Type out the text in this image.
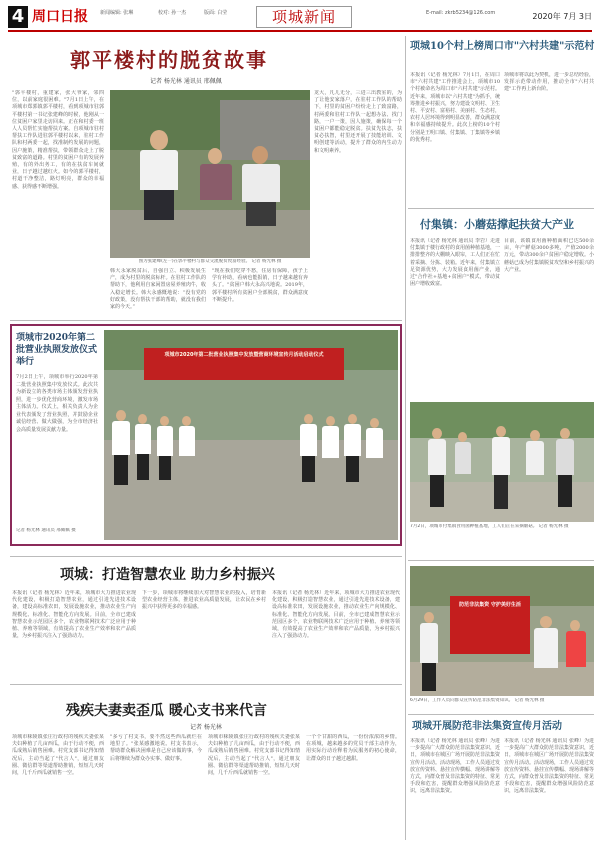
4 周口日报 新闻编辑: 张琳	校对: 孙一杰	版面: 白莹	项城新闻	E-mail: zkrb5234@126.com	2020年 7月 3日
郭平楼村的脱贫故事
记者 杨光林 通讯员 邢佩佩
"郭平楼村，重建家，张大爷家，邻四位，以前家庭很困难。"7月1日上午，在项城市郑郭镇郭平楼村，看到项城市驻郭平楼村第一书记张建峰的时候，他刚从一位贫困户家里走访回来。正在和村委一班人人员帮忙实施帮扶方案。自项城市驻村帮扶工作队进驻郭平楼村以来，驻村工作队和村两委一起，找准制约发展的问题，因户施策，精准帮扶，带领群众走上了脱贫致富的道路。村里的贫困户有的发展养殖，有的外出务工，有的在扶贫车间就业，日子越过越红火。如今的郭平楼村，村道干净整洁，路灯明亮，群众的幸福感、获得感不断增强。
韩大永家脱贫后，自强自立、积极发展生产，成为村里的脱贫标杆。在驻村工作队的帮助下，他利用自家闲置房屋养殖肉牛，收入稳定增长。韩大永感慨地说：“没有党的好政策，没有帮扶干部的帮助，就没有我们家的今天。”
"现在我们吃穿不愁，住房有保障，孩子上学有补助，看病也能报销，日子越来越有奔头了。"贫困户韩大永高兴地说。2019年，郭平楼村所有贫困户全部脱贫，群众满意度不断提升。
龙大，凡儿无分，三进三出教室的，为了让他安家落户，在驻村工作队的帮助下，村里的贫困户纷纷走上了致富路，村两委和驻村工作队一起想办法、找门路，一户一策，因人施策，确保每一个贫困户都能稳定脱贫。扶贫先扶志，扶贫必扶智，村里还开展了技能培训、文明创建等活动，提升了群众的内生动力和文明素养。
图为张建峰(左一)在郭平楼村与群众交流脱贫致富经验。 记者 杨光林 摄
项城市2020年第二批营业执照发放仪式举行
7月2日上午，项城市举行2020年第二批营业执照集中发放仪式。此次共为新设立的各类市场主体颁发营业执照，进一步优化营商环境，激发市场主体活力。仪式上，相关负责人为企业代表颁发了营业执照，并鼓励企业诚信经营、做大做强，为全市经济社会高质量发展贡献力量。
记者 杨光林 通讯员 邢佩佩 摄
项城市2020年第二批营业执照集中发放暨营商环境宣传月活动启动仪式
项城：打造智慧农业 助力乡村振兴
本报讯（记者 杨光林）近年来，项城市大力推进农业现代化建设，积极打造智慧农业，通过引进先进技术设备，建设高标准农田，发展设施农业，推动农业生产向规模化、标准化、智能化方向发展。目前，全市已建成智慧农业示范园区多个，农业物联网技术广泛应用于种植、养殖等领域，有效提高了农业生产效率和农产品质量，为乡村振兴注入了强劲动力。
下一步，项城市将继续加大对智慧农业的投入，培育新型农业经营主体，推进农业高质量发展，让农民在乡村振兴中获得更多的幸福感。
本报讯（记者 杨光林）近年来，项城市大力推进农业现代化建设，积极打造智慧农业，通过引进先进技术设备，建设高标准农田，发展设施农业，推动农业生产向规模化、标准化、智能化方向发展。目前，全市已建成智慧农业示范园区多个，农业物联网技术广泛应用于种植、养殖等领域，有效提高了农业生产效率和农产品质量，为乡村振兴注入了强劲动力。
残疾夫妻卖歪瓜 暖心支书来代言
记者 杨光林
项城市秣陵镇张庄行政村的残疾夫妻张某夫妇种植了几亩西瓜，由于行动不便，西瓜成熟后销售困难。村党支部书记得知情况后，主动当起了"代言人"，通过朋友圈、微信群等渠道帮助推销，短短几天时间，几千斤西瓜就销售一空。
"多亏了村支书，要不然这些西瓜就烂在地里了。"张某感激地说。村支书表示，帮助群众解决困难是自己应该做的事，今后将继续为群众办实事、做好事。
项城市秣陵镇张庄行政村的残疾夫妻张某夫妇种植了几亩西瓜，由于行动不便，西瓜成熟后销售困难。村党支部书记得知情况后，主动当起了"代言人"，通过朋友圈、微信群等渠道帮助推销，短短几天时间，几千斤西瓜就销售一空。
一个个甘甜的西瓜，一份份浓浓的乡情。在项城，越来越多的党员干部主动作为，用实际行动诠释着为民服务的初心使命，让群众的日子越过越甜。
项城10个村上榜周口市"六村共建"示范村
本报讯（记者 杨光林）7月1日，在周口市"六村共建"工作推进会上，项城市10个村被命名为周口市"六村共建"示范村。近年来，项城市以"六村共建"为抓手，统筹推进乡村振兴，努力建设文明村、卫生村、平安村、富裕村、美丽村、生态村，农村人居环境得到明显改善，群众满意度和幸福感持续提升。此次上榜的10个村分别是王明口镇、付集镇、丁集镇等乡镇的优秀村。
项城市将以此为契机，进一步总结经验，发挥示范带动作用，推动全市"六村共建"工作再上新台阶。
付集镇：小蘑菇撑起扶贫大产业
本报讯（记者 杨光林 通讯员 李岩）走进付集镇于楼行政村的食用菌种植基地，一排排整齐的大棚映入眼帘，工人们正在忙着采摘、分拣、装箱。近年来，付集镇立足资源优势，大力发展食用菌产业，通过"合作社+基地+贫困户"模式，带动贫困户增收致富。
目前，该镇食用菌种植面积已达500余亩，年产鲜菇3000多吨，产值2000余万元，带动300余户贫困户稳定增收。小蘑菇已成为付集镇脱贫攻坚和乡村振兴的大产业。
7月2日，项城市付集镇食用菌种植基地，工人们正在采摘蘑菇。 记者 杨光林 摄
防范非法集资 守护美好生活
6月29日，工作人员向群众宣传防范非法集资知识。 记者 杨光林 摄
项城开展防范非法集资宣传月活动
本报讯（记者 杨光林 通讯员 张峰）为进一步提高广大群众防范非法集资意识，近日，项城市在城区广场开展防范非法集资宣传月活动。活动现场，工作人员通过发放宣传资料、悬挂宣传横幅、现场讲解等方式，向群众普及非法集资的特征、常见手段和危害，提醒群众增强风险防范意识，远离非法集资。
本报讯（记者 杨光林 通讯员 张峰）为进一步提高广大群众防范非法集资意识，近日，项城市在城区广场开展防范非法集资宣传月活动。活动现场，工作人员通过发放宣传资料、悬挂宣传横幅、现场讲解等方式，向群众普及非法集资的特征、常见手段和危害，提醒群众增强风险防范意识，远离非法集资。
